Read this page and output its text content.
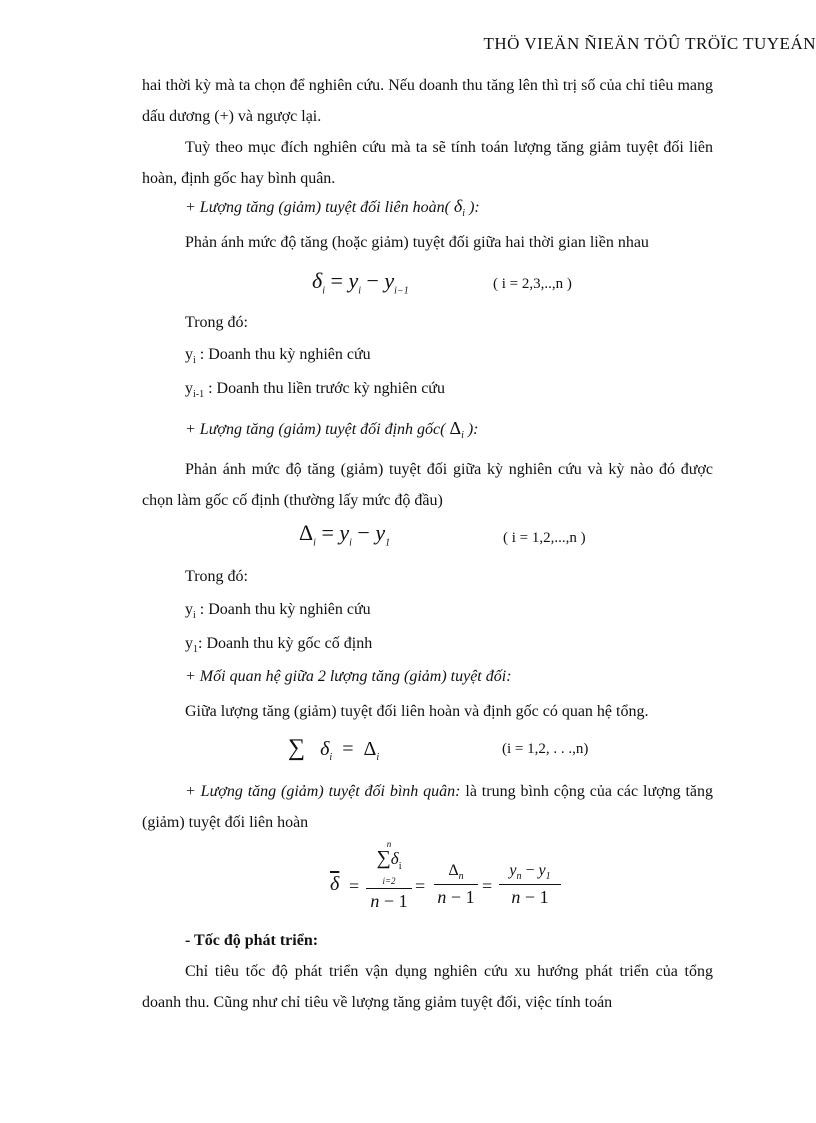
THÖ VIEÄN ÑIEÄN TÖÛ TRÖÏC TUYEÁN
hai thời kỳ mà ta chọn để nghiên cứu. Nếu doanh thu tăng lên thì trị số của chỉ tiêu mang dấu dương (+) và ngược lại.
Tuỳ theo mục đích nghiên cứu mà ta sẽ tính toán lượng tăng giảm tuyệt đối liên hoàn, định gốc hay bình quân.
+ Lượng tăng (giảm) tuyệt đối liên hoàn( $\delta_i$ ):
Phản ánh mức độ tăng (hoặc giảm) tuyệt đối giữa hai thời gian liền nhau
$\delta_i = y_i - y_{i-1}$	( i = 2,3,..,n )
Trong đó:
$y_i$ : Doanh thu kỳ nghiên cứu
$y_{i-1}$ : Doanh thu liền trước kỳ nghiên cứu
+ Lượng tăng (giảm) tuyệt đối định gốc( $\Delta_i$ ):
Phản ánh mức độ tăng (giảm) tuyệt đối giữa kỳ nghiên cứu và kỳ nào đó được chọn làm gốc cố định (thường lấy mức độ đầu)
$\Delta_i = y_i - y_1$	( i = 1,2,...,n )
Trong đó:
$y_i$ : Doanh thu kỳ nghiên cứu
$y_1$: Doanh thu kỳ gốc cố định
+ Mối quan hệ giữa 2 lượng tăng (giảm) tuyệt đối:
Giữa lượng tăng (giảm) tuyệt đối liên hoàn và định gốc có quan hệ tổng.
∑   $\delta_i = \Delta_i$
(i = 1,2, . . .,n)
+ Lượng tăng (giảm) tuyệt đối bình quân: là trung bình cộng của các lượng tăng (giảm) tuyệt đối liên hoàn
$\overline{\delta}$ =
n
$\sum\delta_i$
i=2
n − 1
=
$\Delta_n$
n − 1
=
$y_n - y_1$
n − 1
- Tốc độ phát triển:
Chỉ tiêu tốc độ phát triển vận dụng nghiên cứu xu hướng phát triển của tổng doanh thu. Cũng như chỉ tiêu về lượng tăng giảm tuyệt đối, việc tính toán
